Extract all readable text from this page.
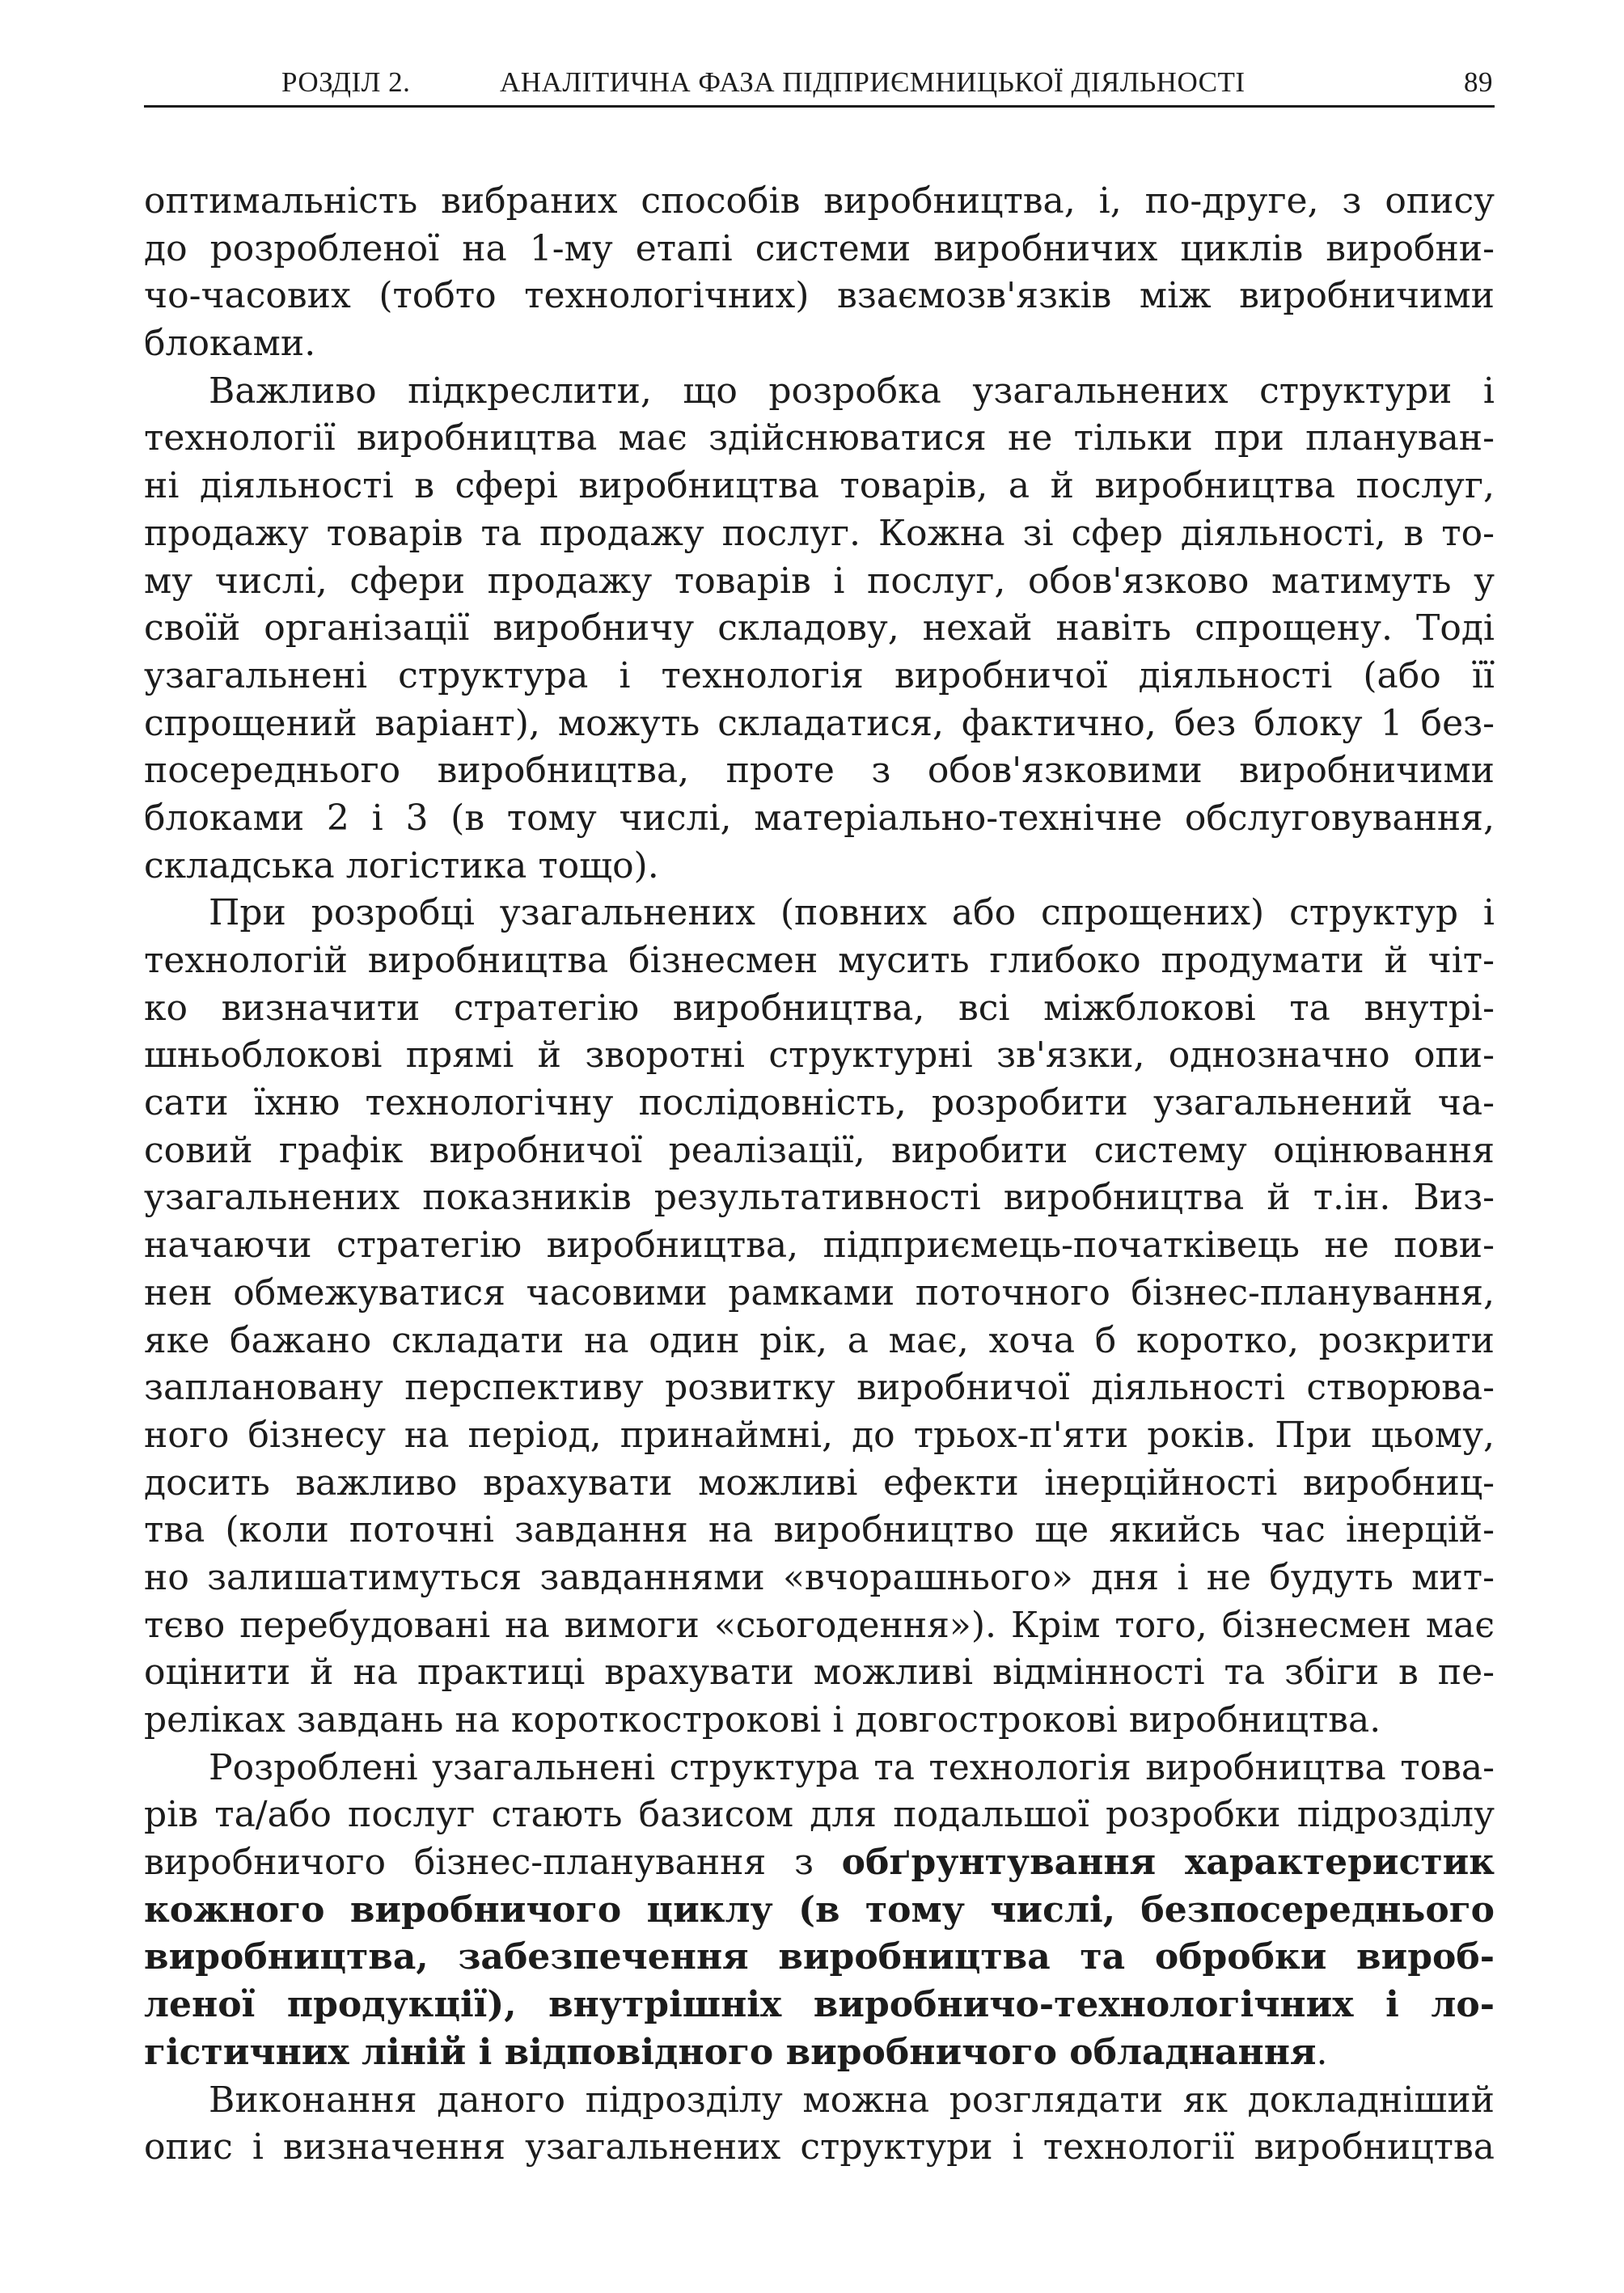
РОЗДІЛ 2.	АНАЛІТИЧНА ФАЗА ПІДПРИЄМНИЦЬКОЇ ДІЯЛЬНОСТІ	89
оптимальність вибраних способів виробництва, і, по-друге, з опису
до розробленої на 1-му етапі системи виробничих циклів виробни-
чо-часових (тобто технологічних) взаємозв'язків між виробничими
блоками.
Важливо підкреслити, що розробка узагальнених структури і
технології виробництва має здійснюватися не тільки при плануван-
ні діяльності в сфері виробництва товарів, а й виробництва послуг,
продажу товарів та продажу послуг. Кожна зі сфер діяльності, в то-
му числі, сфери продажу товарів і послуг, обов'язково матимуть у
своїй організації виробничу складову, нехай навіть спрощену. Тоді
узагальнені структура і технологія виробничої діяльності (або її
спрощений варіант), можуть складатися, фактично, без блоку 1 без-
посереднього виробництва, проте з обов'язковими виробничими
блоками 2 і 3 (в тому числі, матеріально-технічне обслуговування,
складська логістика тощо).
При розробці узагальнених (повних або спрощених) структур і
технологій виробництва бізнесмен мусить глибоко продумати й чіт-
ко визначити стратегію виробництва, всі міжблокові та внутрі-
шньоблокові прямі й зворотні структурні зв'язки, однозначно опи-
сати їхню технологічну послідовність, розробити узагальнений ча-
совий графік виробничої реалізації, виробити систему оцінювання
узагальнених показників результативності виробництва й т.ін. Виз-
начаючи стратегію виробництва, підприємець-початківець не пови-
нен обмежуватися часовими рамками поточного бізнес-планування,
яке бажано складати на один рік, а має, хоча б коротко, розкрити
заплановану перспективу розвитку виробничої діяльності створюва-
ного бізнесу на період, принаймні, до трьох-п'яти років. При цьому,
досить важливо врахувати можливі ефекти інерційності виробниц-
тва (коли поточні завдання на виробництво ще якийсь час інерцій-
но залишатимуться завданнями «вчорашнього» дня і не будуть мит-
тєво перебудовані на вимоги «сьогодення»). Крім того, бізнесмен має
оцінити й на практиці врахувати можливі відмінності та збіги в пе-
реліках завдань на короткострокові і довгострокові виробництва.
Розроблені узагальнені структура та технологія виробництва това-
рів та/або послуг стають базисом для подальшої розробки підрозділу
виробничого бізнес-планування з обґрунтування характеристик
кожного виробничого циклу (в тому числі, безпосереднього
виробництва, забезпечення виробництва та обробки вироб-
леної продукції), внутрішніх виробничо-технологічних і ло-
гістичних ліній і відповідного виробничого обладнання.
Виконання даного підрозділу можна розглядати як докладніший
опис і визначення узагальнених структури і технології виробництва
